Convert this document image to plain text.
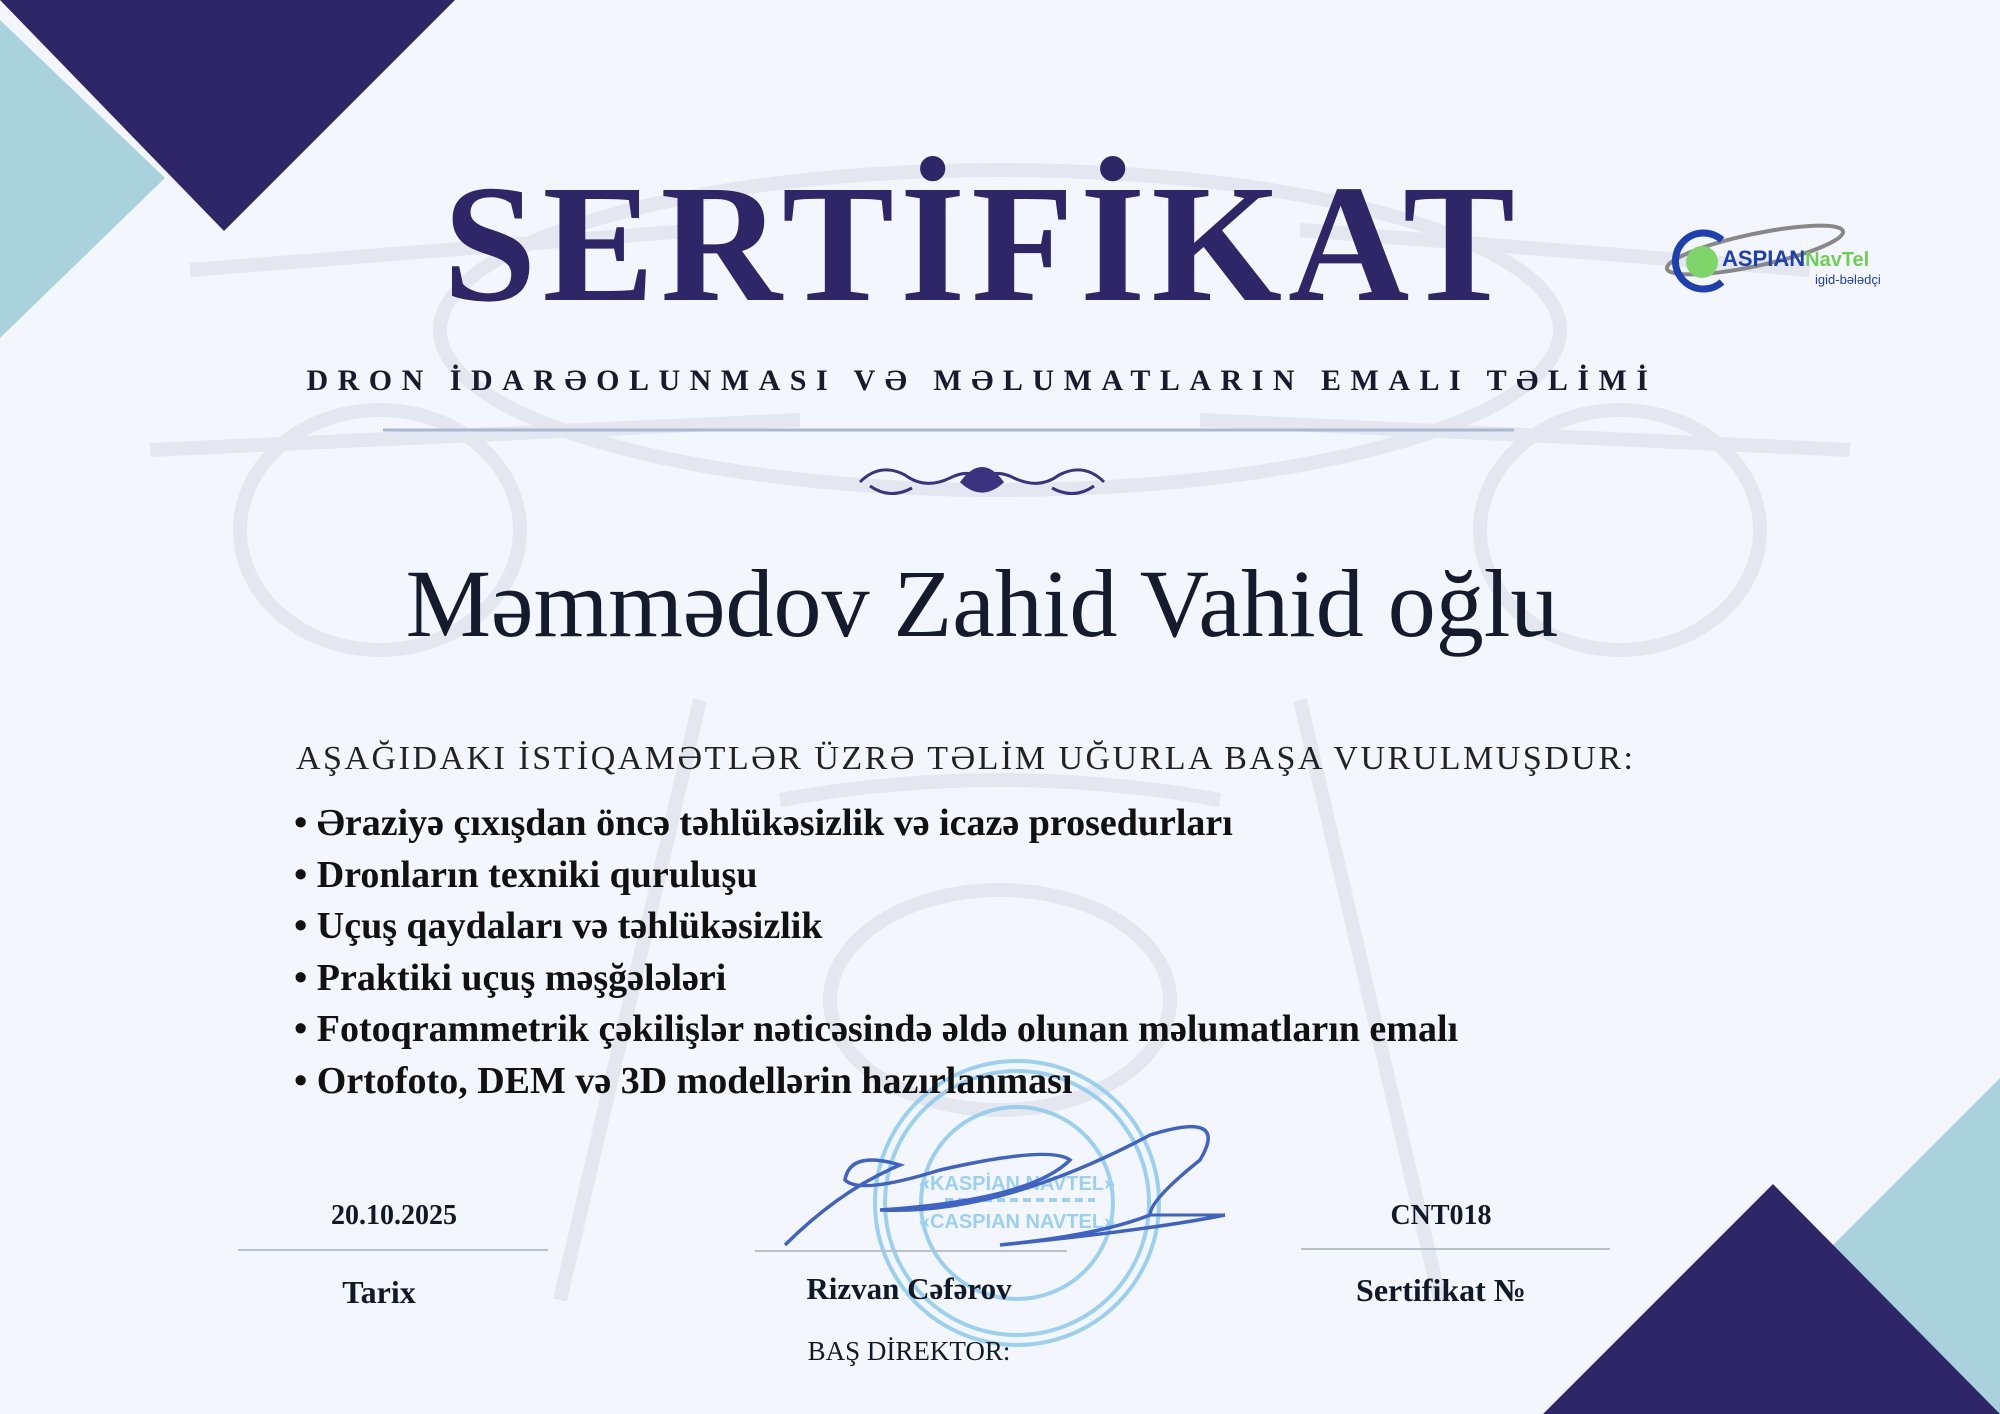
«KASPİAN NAVTEL»
«CASPIAN NAVTEL»
SERTİFİKAT
DRON İDARƏOLUNMASI VƏ MƏLUMATLARIN EMALI TƏLİMİ
Məmmədov Zahid Vahid oğlu
AŞAĞIDAKI İSTİQAMƏTLƏR ÜZRƏ TƏLİM UĞURLA BAŞA VURULMUŞDUR:
• Əraziyə çıxışdan öncə təhlükəsizlik və icazə prosedurları
• Dronların texniki quruluşu
• Uçuş qaydaları və təhlükəsizlik
• Praktiki uçuş məşğələləri
• Fotoqrammetrik çəkilişlər nəticəsində əldə olunan məlumatların emalı
• Ortofoto, DEM və 3D modellərin hazırlanması
ASPIANNavTel
igid-bələdçi
20.10.2025
Tarix	Rizvan Cəfərov
BAŞ DİREKTOR:
CNT018
Sertifikat №
